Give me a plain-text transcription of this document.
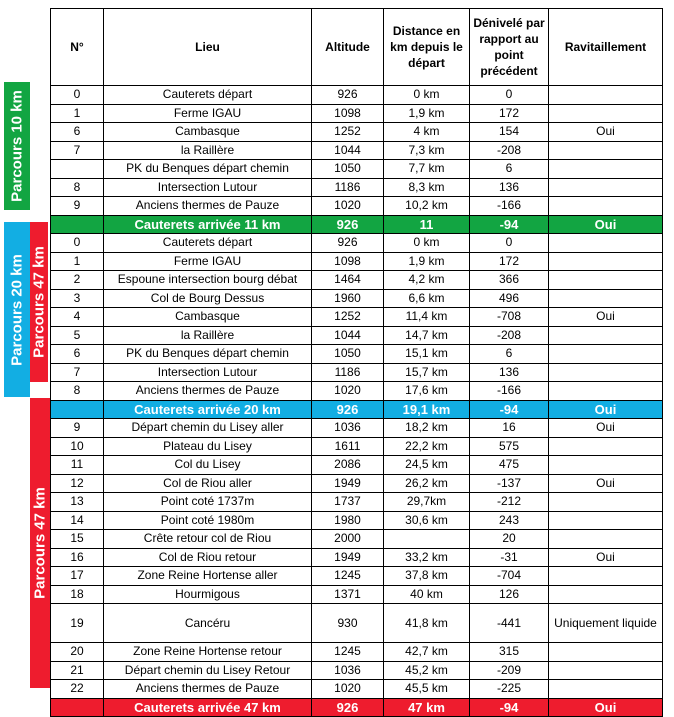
Parcours 10 km
Parcours 20 km Parcours 47 km
Parcours 47 km
N°	Lieu	Altitude	Distance en km depuis le départ	Dénivelé par rapport au point précédent	Ravitaillement
0	Cauterets départ	926	0 km	0	
1	Ferme IGAU	1098	1,9 km	172	
6	Cambasque	1252	4 km	154	Oui
7	la Raillère	1044	7,3 km	-208	
	PK du Benques départ chemin	1050	7,7 km	6	
8	Intersection Lutour	1186	8,3 km	136	
9	Anciens thermes de Pauze	1020	10,2 km	-166	
	Cauterets arrivée 11 km	926	11	-94	Oui
0	Cauterets départ	926	0 km	0	
1	Ferme IGAU	1098	1,9 km	172	
2	Espoune intersection bourg débat	1464	4,2 km	366	
3	Col de Bourg Dessus	1960	6,6 km	496	
4	Cambasque	1252	11,4 km	-708	Oui
5	la Raillère	1044	14,7 km	-208	
6	PK du Benques départ chemin	1050	15,1 km	6	
7	Intersection Lutour	1186	15,7 km	136	
8	Anciens thermes de Pauze	1020	17,6 km	-166	
	Cauterets arrivée 20 km	926	19,1 km	-94	Oui
9	Départ chemin du Lisey aller	1036	18,2 km	16	Oui
10	Plateau du Lisey	1611	22,2 km	575	
11	Col du Lisey	2086	24,5 km	475	
12	Col de Riou aller	1949	26,2 km	-137	Oui
13	Point coté 1737m	1737	29,7km	-212	
14	Point coté 1980m	1980	30,6 km	243	
15	Crête retour col de Riou	2000		20	
16	Col de Riou retour	1949	33,2 km	-31	Oui
17	Zone Reine Hortense aller	1245	37,8 km	-704	
18	Hourmigous	1371	40 km	126	
19	Cancéru	930	41,8 km	-441	Uniquement liquide
20	Zone Reine Hortense retour	1245	42,7 km	315	
21	Départ chemin du Lisey Retour	1036	45,2 km	-209	
22	Anciens thermes de Pauze	1020	45,5 km	-225	
	Cauterets arrivée 47 km	926	47 km	-94	Oui
